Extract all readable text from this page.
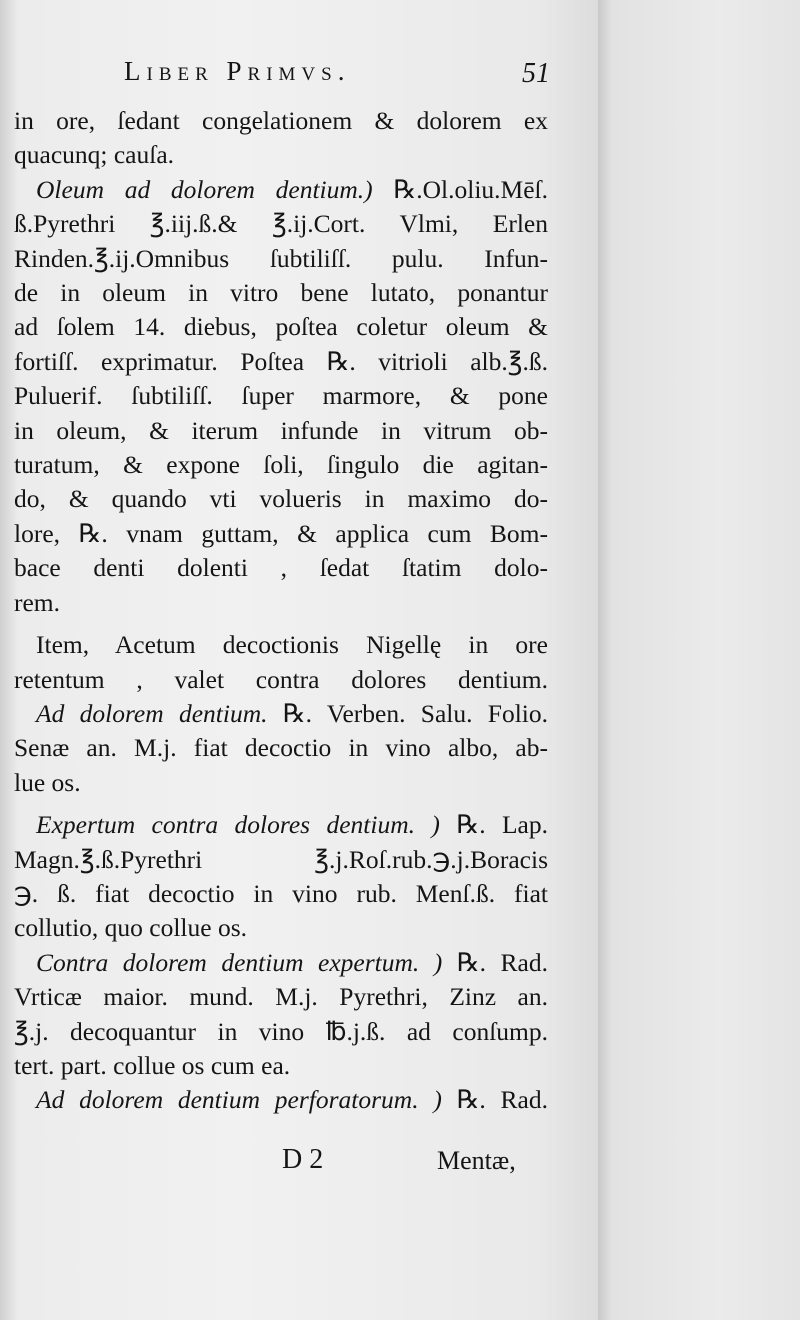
Liber Primvs.	51
in ore, ſedant congelationem & dolorem ex
quacunq; cauſa.
Oleum ad dolorem dentium.) ℞.Ol.oliu.Mēſ.
ß.Pyrethri ℥.iij.ß.& ℥.ij.Cort. Vlmi, Erlen
Rinden.℥.ij.Omnibus ſubtiliſſ. pulu. Infun-
de in oleum in vitro bene lutato, ponantur
ad ſolem 14. diebus, poſtea coletur oleum &
fortiſſ. exprimatur. Poſtea ℞. vitrioli alb.℥.ß.
Puluerif. ſubtiliſſ. ſuper marmore, & pone
in oleum, & iterum infunde in vitrum ob-
turatum, & expone ſoli, ſingulo die agitan-
do, & quando vti volueris in maximo do-
lore, ℞. vnam guttam, & applica cum Bom-
bace denti dolenti , ſedat ſtatim dolo-
rem.
Item, Acetum decoctionis Nigellę in ore
retentum , valet contra dolores dentium.
Ad dolorem dentium. ℞. Verben. Salu. Folio.
Senæ an. M.j. fiat decoctio in vino albo, ab-
lue os.
Expertum contra dolores dentium. ) ℞. Lap.
Magn.℥.ß.Pyrethri ℥.j.Roſ.rub.℈.j.Boracis
℈. ß. fiat decoctio in vino rub. Menſ.ß. fiat
collutio, quo collue os.
Contra dolorem dentium expertum. ) ℞. Rad.
Vrticæ maior. mund. M.j. Pyrethri, Zinz an.
℥.j. decoquantur in vino ℔.j.ß. ad conſump.
tert. part. collue os cum ea.
Ad dolorem dentium perforatorum. ) ℞. Rad.
D 2	Mentæ,
